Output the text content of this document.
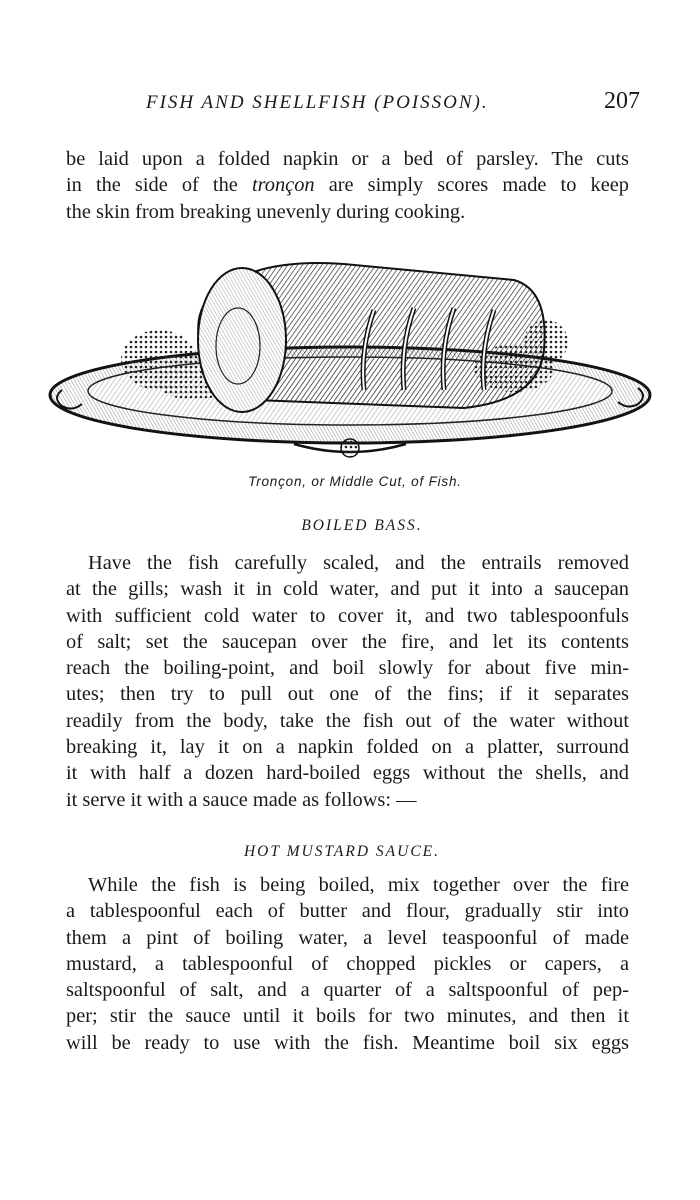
FISH AND SHELLFISH (POISSON).	207
be laid upon a folded napkin or a bed of parsley. The cuts
in the side of the tronçon are simply scores made to keep
the skin from breaking unevenly during cooking.
Tronçon, or Middle Cut, of Fish.
BOILED BASS.
Have the fish carefully scaled, and the entrails removed
at the gills; wash it in cold water, and put it into a saucepan
with sufficient cold water to cover it, and two tablespoonfuls
of salt; set the saucepan over the fire, and let its contents
reach the boiling-point, and boil slowly for about five min-
utes; then try to pull out one of the fins; if it separates
readily from the body, take the fish out of the water without
breaking it, lay it on a napkin folded on a platter, surround
it with half a dozen hard-boiled eggs without the shells, and
it serve it with a sauce made as follows: —
HOT MUSTARD SAUCE.
While the fish is being boiled, mix together over the fire
a tablespoonful each of butter and flour, gradually stir into
them a pint of boiling water, a level teaspoonful of made
mustard, a tablespoonful of chopped pickles or capers, a
saltspoonful of salt, and a quarter of a saltspoonful of pep-
per; stir the sauce until it boils for two minutes, and then it
will be ready to use with the fish. Meantime boil six eggs
